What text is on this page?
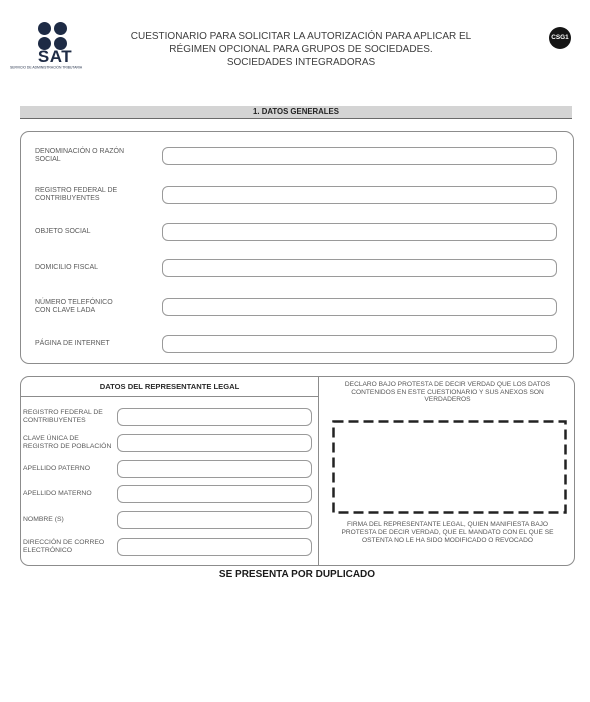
SAT
SERVICIO DE ADMINISTRACIÓN TRIBUTARIA
CUESTIONARIO PARA SOLICITAR LA AUTORIZACIÓN PARA APLICAR EL
RÉGIMEN OPCIONAL PARA GRUPOS DE SOCIEDADES.
SOCIEDADES INTEGRADORAS
CSG1
1. DATOS GENERALES
DENOMINACIÓN O RAZÓN
SOCIAL
REGISTRO FEDERAL DE
CONTRIBUYENTES
OBJETO SOCIAL
DOMICILIO FISCAL
NÚMERO TELEFÓNICO
CON CLAVE LADA
PÁGINA DE INTERNET
DATOS DEL REPRESENTANTE LEGAL
REGISTRO FEDERAL DE
CONTRIBUYENTES
CLAVE ÚNICA DE
REGISTRO DE POBLACIÓN
APELLIDO PATERNO
APELLIDO MATERNO
NOMBRE (S)
DIRECCIÓN DE CORREO
ELECTRÓNICO
DECLARO BAJO PROTESTA DE DECIR VERDAD QUE LOS DATOS
CONTENIDOS EN ESTE CUESTIONARIO Y SUS ANEXOS SON
VERDADEROS
FIRMA DEL REPRESENTANTE LEGAL, QUIEN MANIFIESTA BAJO
PROTESTA DE DECIR VERDAD, QUE EL MANDATO CON EL QUE SE
OSTENTA NO LE HA SIDO MODIFICADO O REVOCADO
SE PRESENTA POR DUPLICADO
